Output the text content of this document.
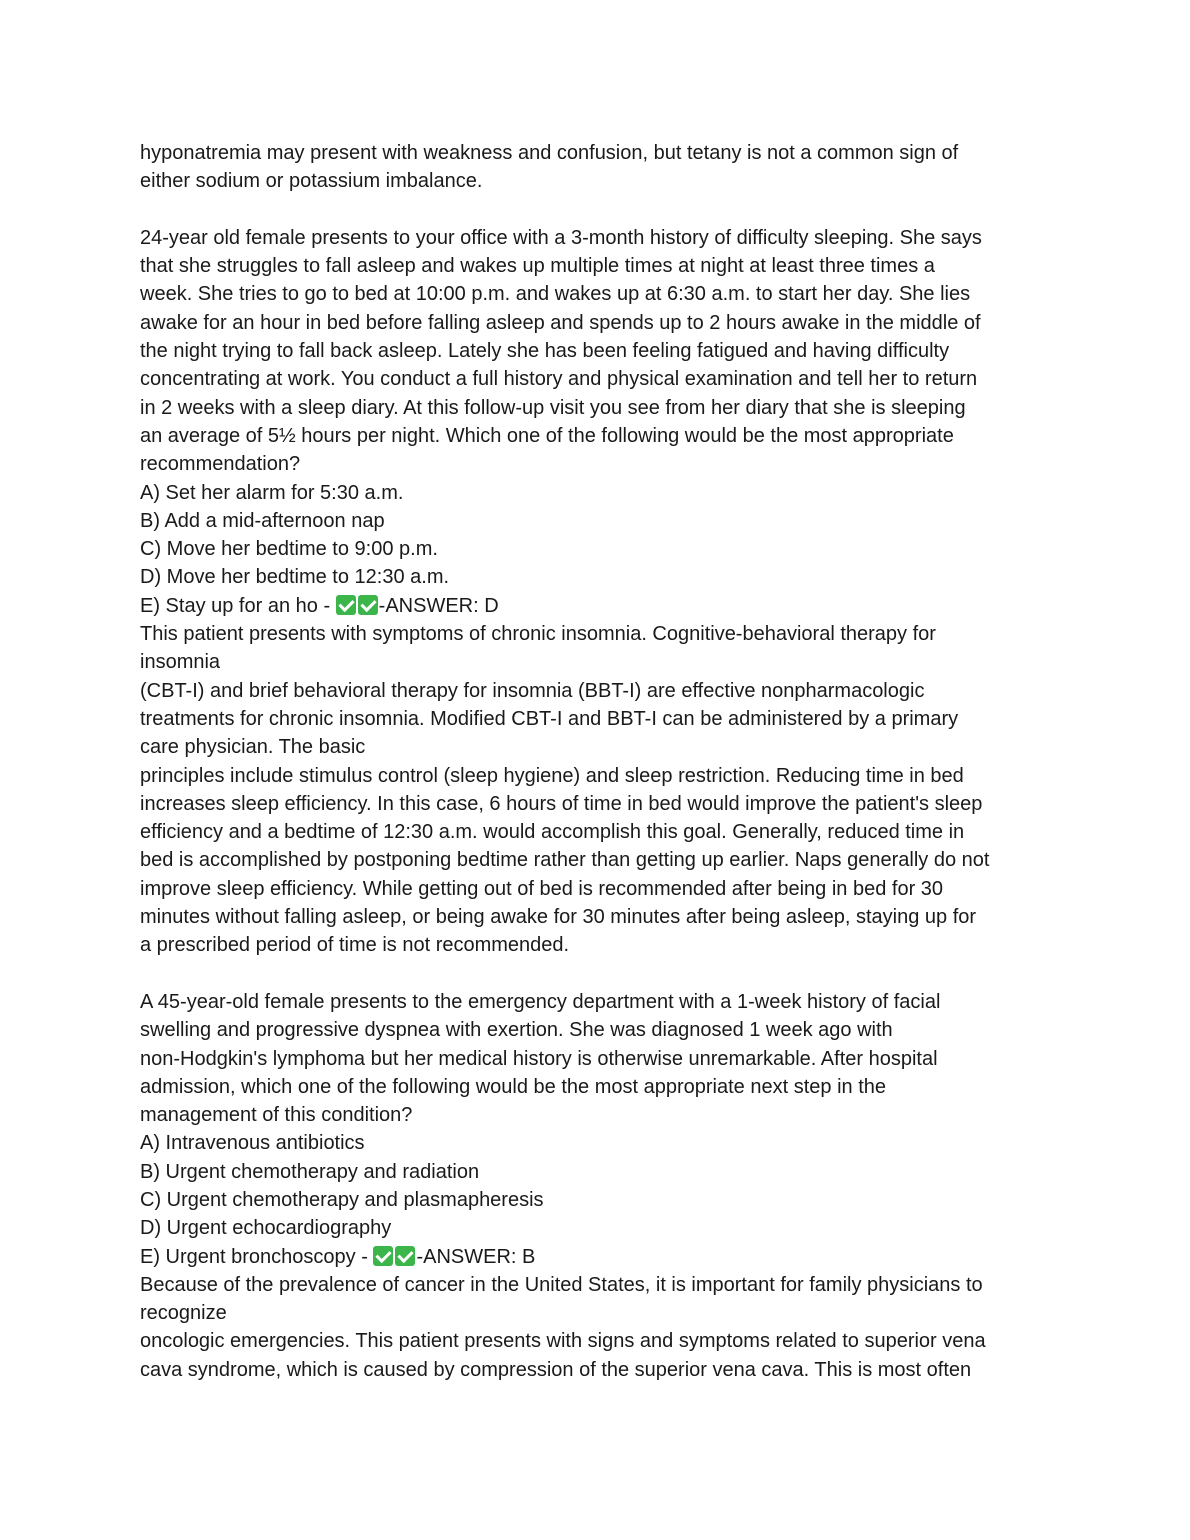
hyponatremia may present with weakness and confusion, but tetany is not a common sign of
either sodium or potassium imbalance.
24-year old female presents to your office with a 3-month history of difficulty sleeping. She says
that she struggles to fall asleep and wakes up multiple times at night at least three times a
week. She tries to go to bed at 10:00 p.m. and wakes up at 6:30 a.m. to start her day. She lies
awake for an hour in bed before falling asleep and spends up to 2 hours awake in the middle of
the night trying to fall back asleep. Lately she has been feeling fatigued and having difficulty
concentrating at work. You conduct a full history and physical examination and tell her to return
in 2 weeks with a sleep diary. At this follow-up visit you see from her diary that she is sleeping
an average of 5½ hours per night. Which one of the following would be the most appropriate
recommendation?
A) Set her alarm for 5:30 a.m.
B) Add a mid-afternoon nap
C) Move her bedtime to 9:00 p.m.
D) Move her bedtime to 12:30 a.m.
E) Stay up for an ho - -ANSWER: D
This patient presents with symptoms of chronic insomnia. Cognitive-behavioral therapy for
insomnia
(CBT-I) and brief behavioral therapy for insomnia (BBT-I) are effective nonpharmacologic
treatments for chronic insomnia. Modified CBT-I and BBT-I can be administered by a primary
care physician. The basic
principles include stimulus control (sleep hygiene) and sleep restriction. Reducing time in bed
increases sleep efficiency. In this case, 6 hours of time in bed would improve the patient's sleep
efficiency and a bedtime of 12:30 a.m. would accomplish this goal. Generally, reduced time in
bed is accomplished by postponing bedtime rather than getting up earlier. Naps generally do not
improve sleep efficiency. While getting out of bed is recommended after being in bed for 30
minutes without falling asleep, or being awake for 30 minutes after being asleep, staying up for
a prescribed period of time is not recommended.
A 45-year-old female presents to the emergency department with a 1-week history of facial
swelling and progressive dyspnea with exertion. She was diagnosed 1 week ago with
non-Hodgkin's lymphoma but her medical history is otherwise unremarkable. After hospital
admission, which one of the following would be the most appropriate next step in the
management of this condition?
A) Intravenous antibiotics
B) Urgent chemotherapy and radiation
C) Urgent chemotherapy and plasmapheresis
D) Urgent echocardiography
E) Urgent bronchoscopy - -ANSWER: B
Because of the prevalence of cancer in the United States, it is important for family physicians to
recognize
oncologic emergencies. This patient presents with signs and symptoms related to superior vena
cava syndrome, which is caused by compression of the superior vena cava. This is most often
